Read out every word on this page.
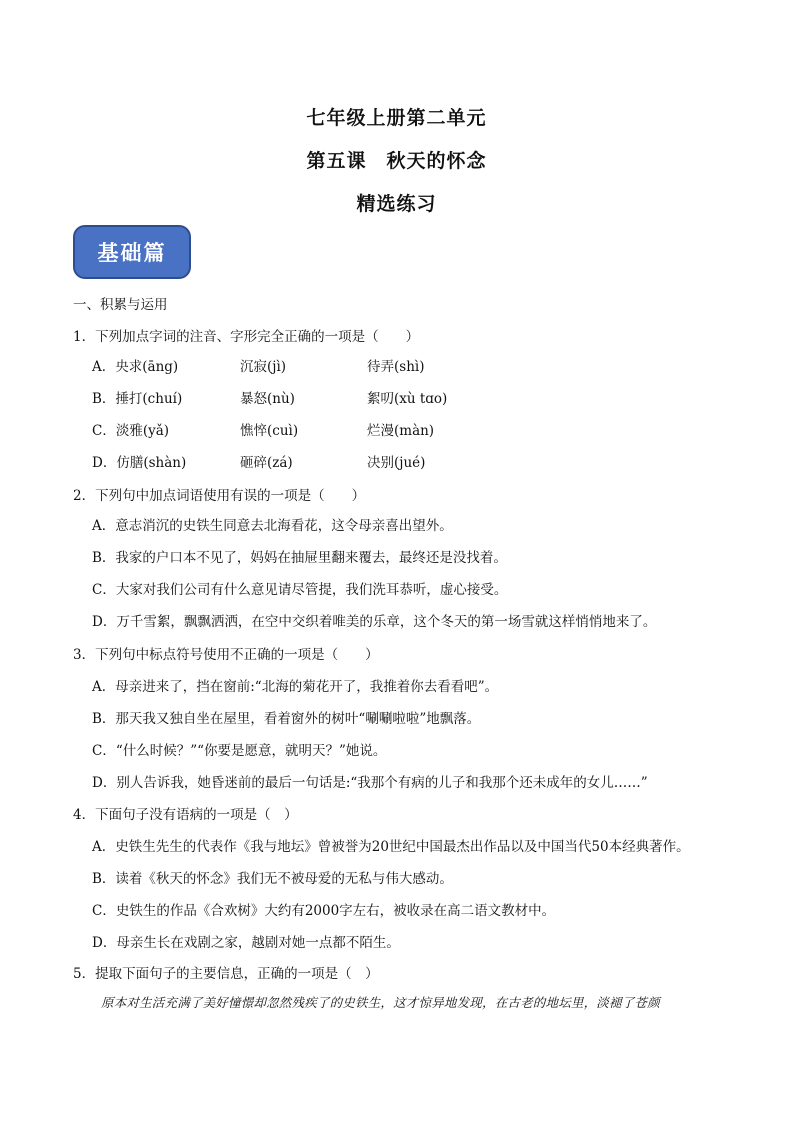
七年级上册第二单元
第五课　秋天的怀念
精选练习
基础篇
一、积累与运用
1．下列加点字词的注音、字形完全正确的一项是（　　）
A．央求(āng)	沉寂(jì)	待弄(shì)
B．捶打(chuí)	暴怒(nù)	絮叨(xù tɑo)
C．淡雅(yǎ)	憔悴(cuì)	烂漫(màn)
D．仿膳(shàn)	砸碎(zá)	决别(jué)
2．下列句中加点词语使用有误的一项是（　　）
A．意志消沉的史铁生同意去北海看花，这令母亲喜出望外。
B．我家的户口本不见了，妈妈在抽屉里翻来覆去，最终还是没找着。
C．大家对我们公司有什么意见请尽管提，我们洗耳恭听，虚心接受。
D．万千雪絮，飘飘洒洒，在空中交织着唯美的乐章，这个冬天的第一场雪就这样悄悄地来了。
3．下列句中标点符号使用不正确的一项是（　　）
A．母亲进来了，挡在窗前:“北海的菊花开了，我推着你去看看吧”。
B．那天我又独自坐在屋里，看着窗外的树叶“唰唰啦啦”地飘落。
C．“什么时候？”“你要是愿意，就明天？”她说。
D．别人告诉我，她昏迷前的最后一句话是:“我那个有病的儿子和我那个还未成年的女儿……”
4．下面句子没有语病的一项是（　）
A．史铁生先生的代表作《我与地坛》曾被誉为20世纪中国最杰出作品以及中国当代50本经典著作。
B．读着《秋天的怀念》我们无不被母爱的无私与伟大感动。
C．史铁生的作品《合欢树》大约有2000字左右，被收录在高二语文教材中。
D．母亲生长在戏剧之家，越剧对她一点都不陌生。
5．提取下面句子的主要信息，正确的一项是（　）
原本对生活充满了美好憧憬却忽然残疾了的史铁生，这才惊异地发现，在古老的地坛里，淡褪了苍颜
